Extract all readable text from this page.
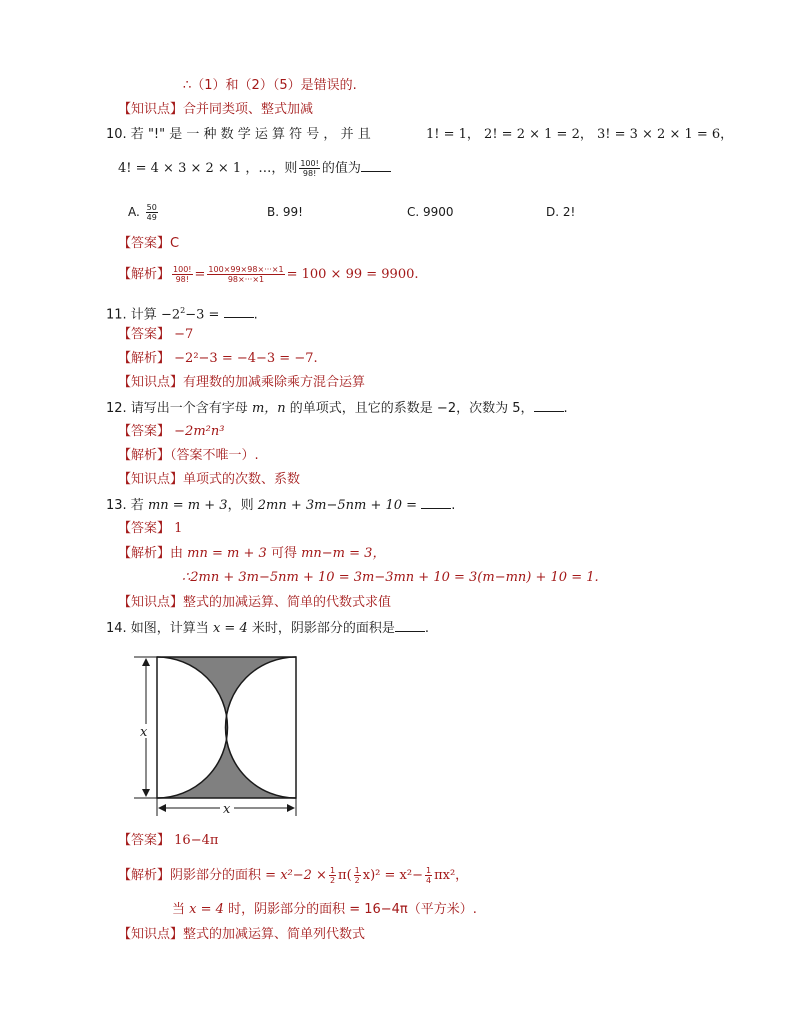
∴（1）和（2）（5）是错误的.
【知识点】合并同类项、整式加减
10. 若 "!" 是 一 种 数 学 运 算 符 号 ， 并 且	1! = 1， 2! = 2 × 1 = 2， 3! = 3 × 2 × 1 = 6，
4! = 4 × 3 × 2 × 1 ，…，则 $\frac{100!}{98!}$ 的值为
A. $\frac{50}{49}$	B. 99!	C. 9900	D. 2!
【答案】C
【解析】 $\frac{100!}{98!} = \frac{100\times 99\times 98\times\cdot\cdot\cdot\times 1}{98\times\cdot\cdot\cdot\times 1} = 100 \times 99 = 9900$.
11. 计算 $-2^2-3$ =	.
【答案】 −7
【解析】 −2²−3 = −4−3 = −7.
【知识点】有理数的加减乘除乘方混合运算
12. 请写出一个含有字母 m，n 的单项式，且它的系数是 −2，次数为 5， .
【答案】 −2m²n³
【解析】（答案不唯一）.
【知识点】单项式的次数、系数
13. 若 mn = m + 3，则 2mn + 3m−5nm + 10 =	.
【答案】 1
【解析】由 mn = m + 3 可得 mn−m = 3，
∴2mn + 3m−5nm + 10 = 3m−3mn + 10 = 3(m−mn) + 10 = 1.
【知识点】整式的加减运算、简单的代数式求值
14. 如图，计算当 x = 4 米时，阴影部分的面积是 .
x
x
【答案】 16−4π
【解析】阴影部分的面积 = $x^2-2 \times \frac{1}{2} \pi( \frac{1}{2} x)^2 = x^2- \frac{1}{4} \pi x^2$，
当 x = 4 时，阴影部分的面积 = 16−4π（平方米）.
【知识点】整式的加减运算、简单列代数式
